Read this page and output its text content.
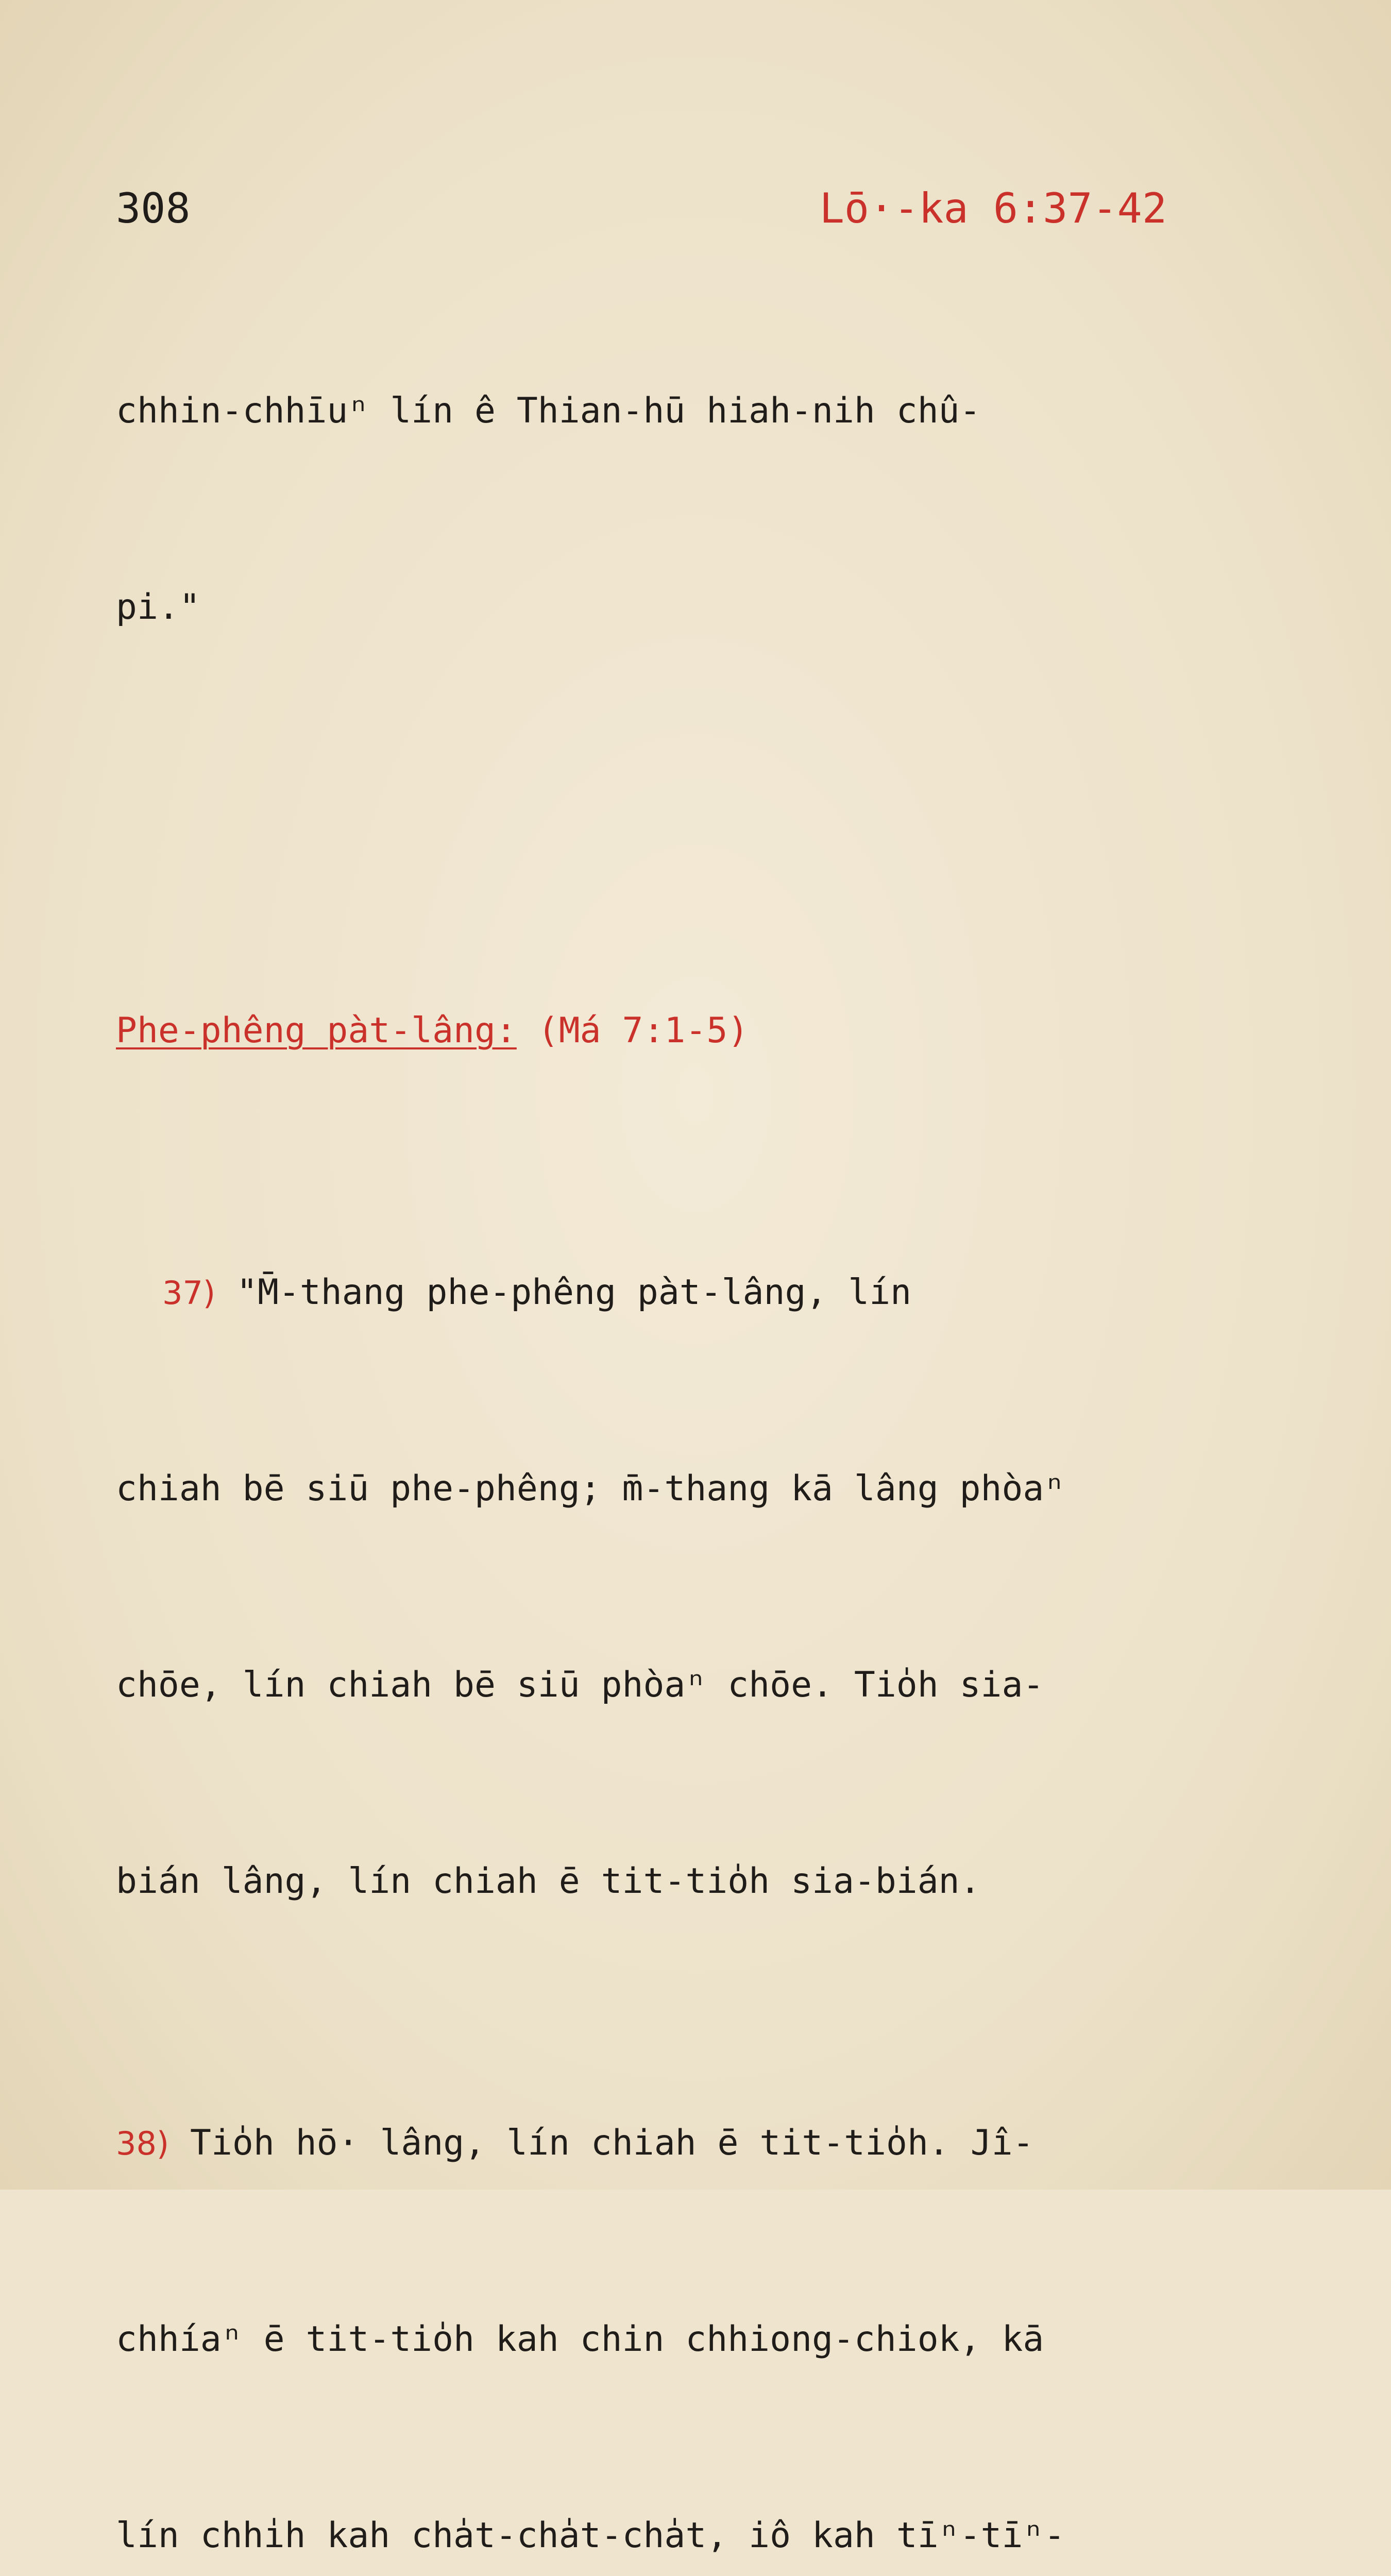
308	Lō·-ka 6:37-42

chhin-chhīuⁿ lín ê Thian-hū hiah-nih chû-

pi."

Phe-phêng pàt-lâng: (Má 7:1-5)

37) "M̄-thang phe-phêng pàt-lâng, lín

chiah bē siū phe-phêng; m̄-thang kā lâng phòaⁿ

chōe, lín chiah bē siū phòaⁿ chōe. Tio̍h sia-

bián lâng, lín chiah ē tit-tio̍h sia-bián.

38) Tio̍h hō· lâng, lín chiah ē tit-tio̍h. Jî-

chhíaⁿ ē tit-tio̍h kah chin chhiong-chiok, kā

lín chhi̍h kah cha̍t-cha̍t-cha̍t, iô kah tīⁿ-tīⁿ-
